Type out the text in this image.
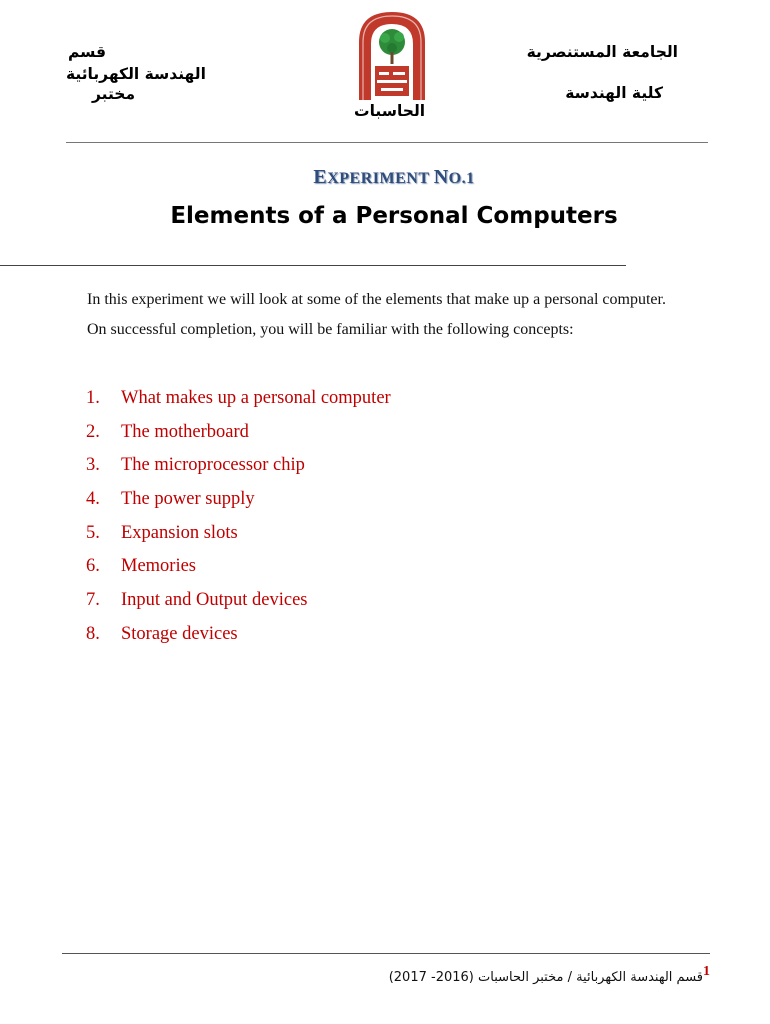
قسم
الهندسة الكهربائية
مختبر
الجامعة المستنصرية
كلية الهندسة
الحاسبات
EXPERIMENT NO.1
Elements of a Personal Computers
In this experiment we will look at some of the elements that make up a personal computer. On successful completion, you will be familiar with the following concepts:
1. What makes up a personal computer
2. The motherboard
3. The microprocessor chip
4. The power supply
5. Expansion slots
6. Memories
7. Input and Output devices
8. Storage devices
1قسم الهندسة الكهربائية / مختبر الحاسبات (2016- 2017)
